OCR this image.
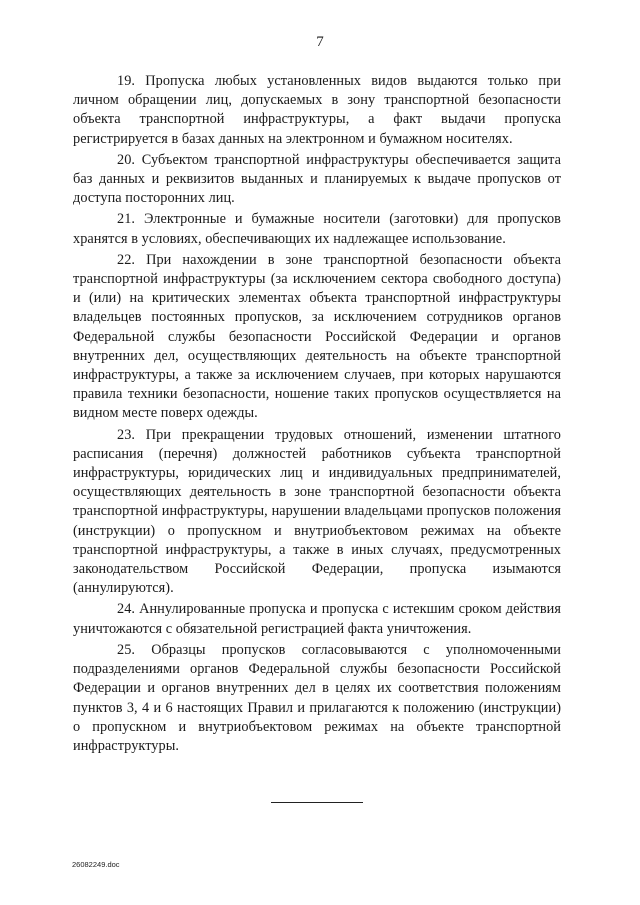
7

19. Пропуска любых установленных видов выдаются только при личном обращении лиц, допускаемых в зону транспортной безопасности объекта транспортной инфраструктуры, а факт выдачи пропуска регистрируется в базах данных на электронном и бумажном носителях.

20. Субъектом транспортной инфраструктуры обеспечивается защита баз данных и реквизитов выданных и планируемых к выдаче пропусков от доступа посторонних лиц.

21. Электронные и бумажные носители (заготовки) для пропусков хранятся в условиях, обеспечивающих их надлежащее использование.

22. При нахождении в зоне транспортной безопасности объекта транспортной инфраструктуры (за исключением сектора свободного доступа) и (или) на критических элементах объекта транспортной инфраструктуры владельцев постоянных пропусков, за исключением сотрудников органов Федеральной службы безопасности Российской Федерации и органов внутренних дел, осуществляющих деятельность на объекте транспортной инфраструктуры, а также за исключением случаев, при которых нарушаются правила техники безопасности, ношение таких пропусков осуществляется на видном месте поверх одежды.

23. При прекращении трудовых отношений, изменении штатного расписания (перечня) должностей работников субъекта транспортной инфраструктуры, юридических лиц и индивидуальных предпринимателей, осуществляющих деятельность в зоне транспортной безопасности объекта транспортной инфраструктуры, нарушении владельцами пропусков положения (инструкции) о пропускном и внутриобъектовом режимах на объекте транспортной инфраструктуры, а также в иных случаях, предусмотренных законодательством Российской Федерации, пропуска изымаются (аннулируются).

24. Аннулированные пропуска и пропуска с истекшим сроком действия уничтожаются с обязательной регистрацией факта уничтожения.

25. Образцы пропусков согласовываются с уполномоченными подразделениями органов Федеральной службы безопасности Российской Федерации и органов внутренних дел в целях их соответствия положениям пунктов 3, 4 и 6 настоящих Правил и прилагаются к положению (инструкции) о пропускном и внутриобъектовом режимах на объекте транспортной инфраструктуры.

26082249.doc
